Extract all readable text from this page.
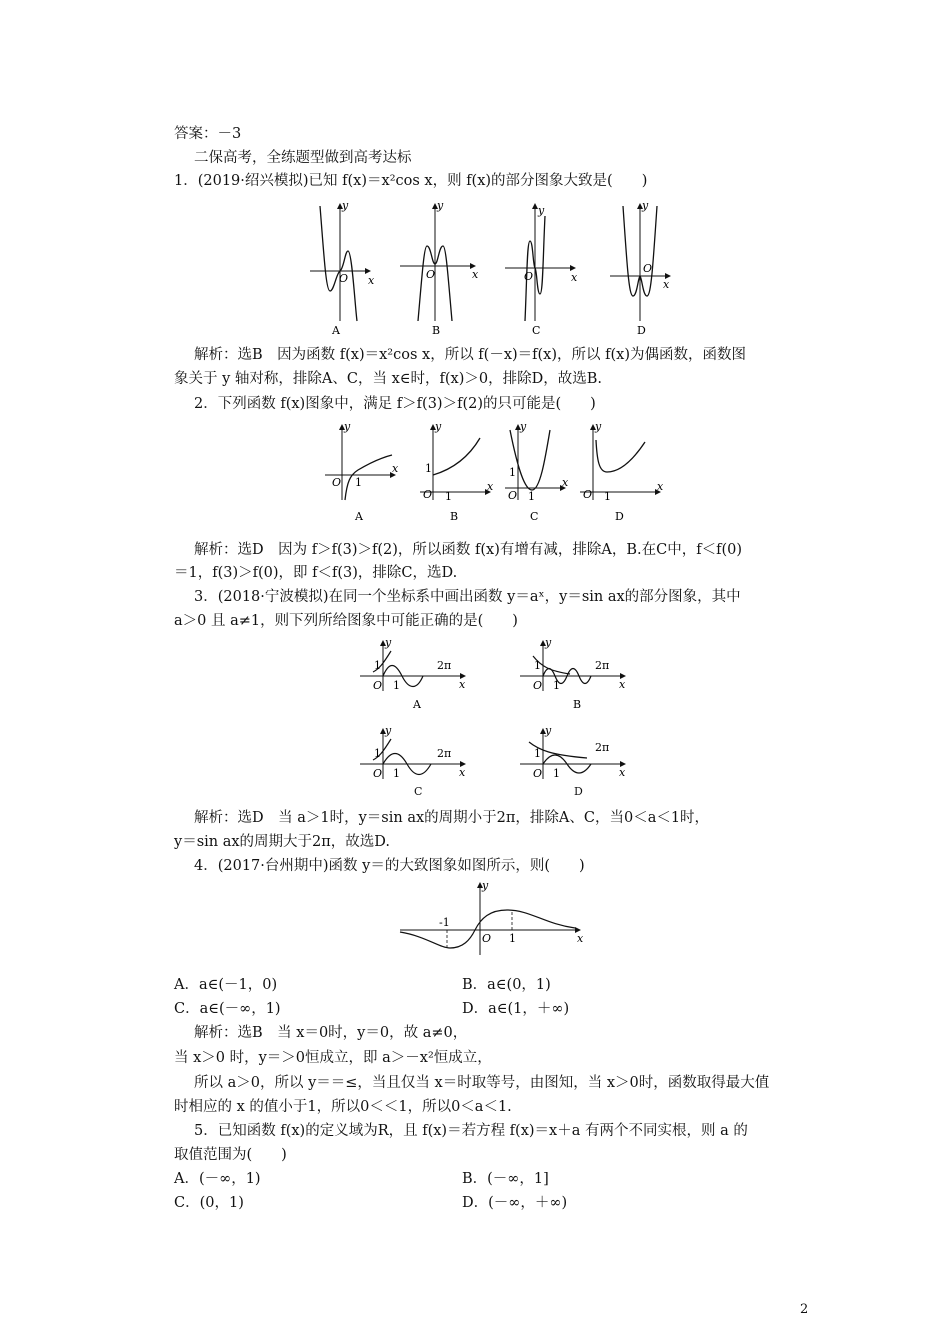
答案：－3
二保高考，全练题型做到高考达标
1．(2019·绍兴模拟)已知 f(x)＝x²cos x，则 f(x)的部分图象大致是(　　)
y
x
O
A
y
x
O
B
y
x
O
C
y
x
O
D
解析：选B　因为函数 f(x)＝x²cos x，所以 f(－x)＝f(x)，所以 f(x)为偶函数，函数图
象关于 y 轴对称，排除A、C，当 x∈时，f(x)＞0，排除D，故选B.
2．下列函数 f(x)图象中，满足 f＞f(3)＞f(2)的只可能是(　　)
y
x
O 1
A
y
x
O
1
1
B
y
x
O
1
1
C
y
x
O 1
D
解析：选D　因为 f＞f(3)＞f(2)，所以函数 f(x)有增有减，排除A，B.在C中，f＜f(0)
＝1，f(3)＞f(0)，即 f＜f(3)，排除C，选D.
3．(2018·宁波模拟)在同一个坐标系中画出函数 y＝aˣ，y＝sin ax的部分图象，其中
a＞0 且 a≠1，则下列所给图象中可能正确的是(　　)
y
x
O
1
1
2π
A
y
x
O
1
1
2π
B
y
x
O
1
1
2π
y
x
O
1
1
2π
C	D
解析：选D　当 a＞1时，y＝sin ax的周期小于2π，排除A、C，当0＜a＜1时，
y＝sin ax的周期大于2π，故选D.
4．(2017·台州期中)函数 y＝的大致图象如图所示，则(　　)
y
x
O
-1
1
A．a∈(－1，0)	B．a∈(0，1)
C．a∈(－∞，1)	D．a∈(1，＋∞)
解析：选B　当 x＝0时，y＝0，故 a≠0，
当 x＞0 时，y＝＞0恒成立，即 a＞－x²恒成立，
所以 a＞0，所以 y＝＝≤，当且仅当 x＝时取等号，由图知，当 x＞0时，函数取得最大值
时相应的 x 的值小于1，所以0＜＜1，所以0＜a＜1.
5．已知函数 f(x)的定义域为R，且 f(x)＝若方程 f(x)＝x＋a 有两个不同实根，则 a 的
取值范围为(　　)
A．(－∞，1)	B．(－∞，1]
C．(0，1)	D．(－∞，＋∞)
2
